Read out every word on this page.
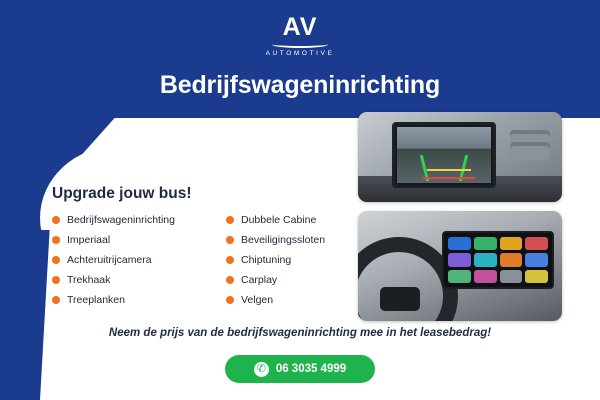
AV
AUTOMOTIVE
Bedrijfswageninrichting
Upgrade jouw bus!
Bedrijfswageninrichting
Imperiaal
Achteruitrijcamera
Trekhaak
Treeplanken
Dubbele Cabine
Beveiligingssloten
Chiptuning
Carplay
Velgen
Neem de prijs van de bedrijfswageninrichting mee in het leasebedrag!
✆ 06 3035 4999
